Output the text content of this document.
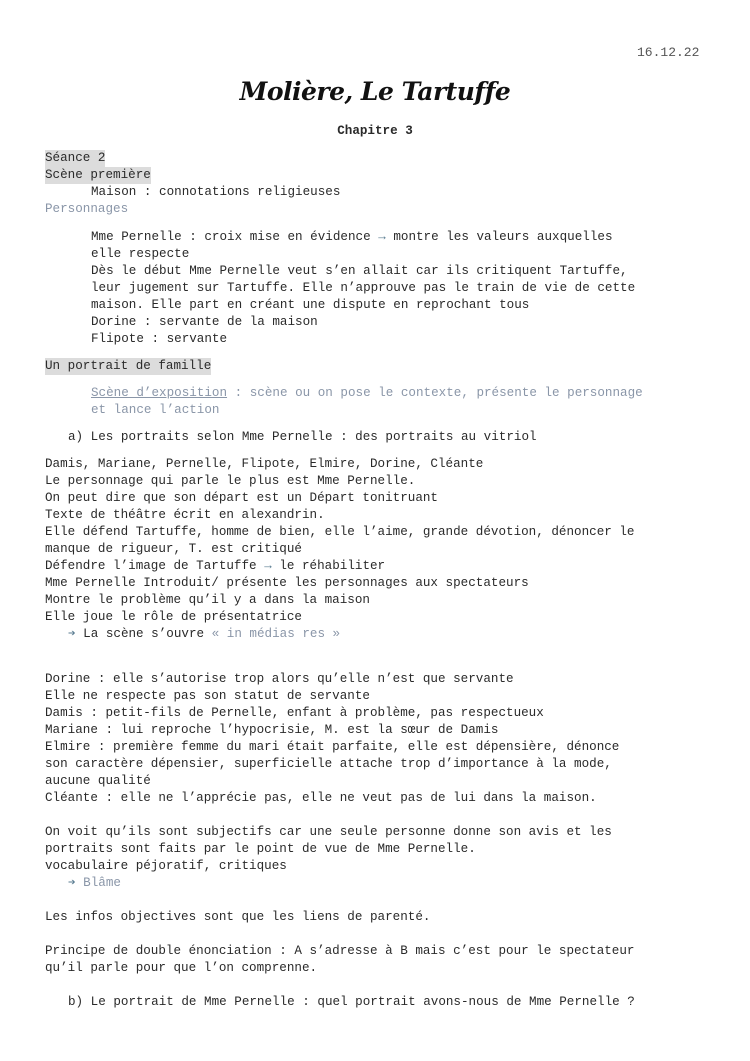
16.12.22
Molière, Le Tartuffe
Chapitre 3
Séance 2
Scène première
Maison : connotations religieuses
Personnages
Mme Pernelle : croix mise en évidence → montre les valeurs auxquelles
elle respecte
Dès le début Mme Pernelle veut s’en allait car ils critiquent Tartuffe,
leur jugement sur Tartuffe. Elle n’approuve pas le train de vie de cette
maison. Elle part en créant une dispute en reprochant tous
Dorine : servante de la maison
Flipote : servante
Un portrait de famille
Scène d’exposition : scène ou on pose le contexte, présente le personnage
et lance l’action
a) Les portraits selon Mme Pernelle : des portraits au vitriol
Damis, Mariane, Pernelle, Flipote, Elmire, Dorine, Cléante
Le personnage qui parle le plus est Mme Pernelle.
On peut dire que son départ est un Départ tonitruant
Texte de théâtre écrit en alexandrin.
Elle défend Tartuffe, homme de bien, elle l’aime, grande dévotion, dénoncer le
manque de rigueur, T. est critiqué
Défendre l’image de Tartuffe → le réhabiliter
Mme Pernelle Introduit/ présente les personnages aux spectateurs
Montre le problème qu’il y a dans la maison
Elle joue le rôle de présentatrice
➔ La scène s’ouvre « in médias res »
Dorine : elle s’autorise trop alors qu’elle n’est que servante
Elle ne respecte pas son statut de servante
Damis : petit-fils de Pernelle, enfant à problème, pas respectueux
Mariane : lui reproche l’hypocrisie, M. est la sœur de Damis
Elmire : première femme du mari était parfaite, elle est dépensière, dénonce
son caractère dépensier, superficielle attache trop d’importance à la mode,
aucune qualité
Cléante : elle ne l’apprécie pas, elle ne veut pas de lui dans la maison.
On voit qu’ils sont subjectifs car une seule personne donne son avis et les
portraits sont faits par le point de vue de Mme Pernelle.
vocabulaire péjoratif, critiques
➔ Blâme
Les infos objectives sont que les liens de parenté.
Principe de double énonciation : A s’adresse à B mais c’est pour le spectateur
qu’il parle pour que l’on comprenne.
b) Le portrait de Mme Pernelle : quel portrait avons-nous de Mme Pernelle ?
